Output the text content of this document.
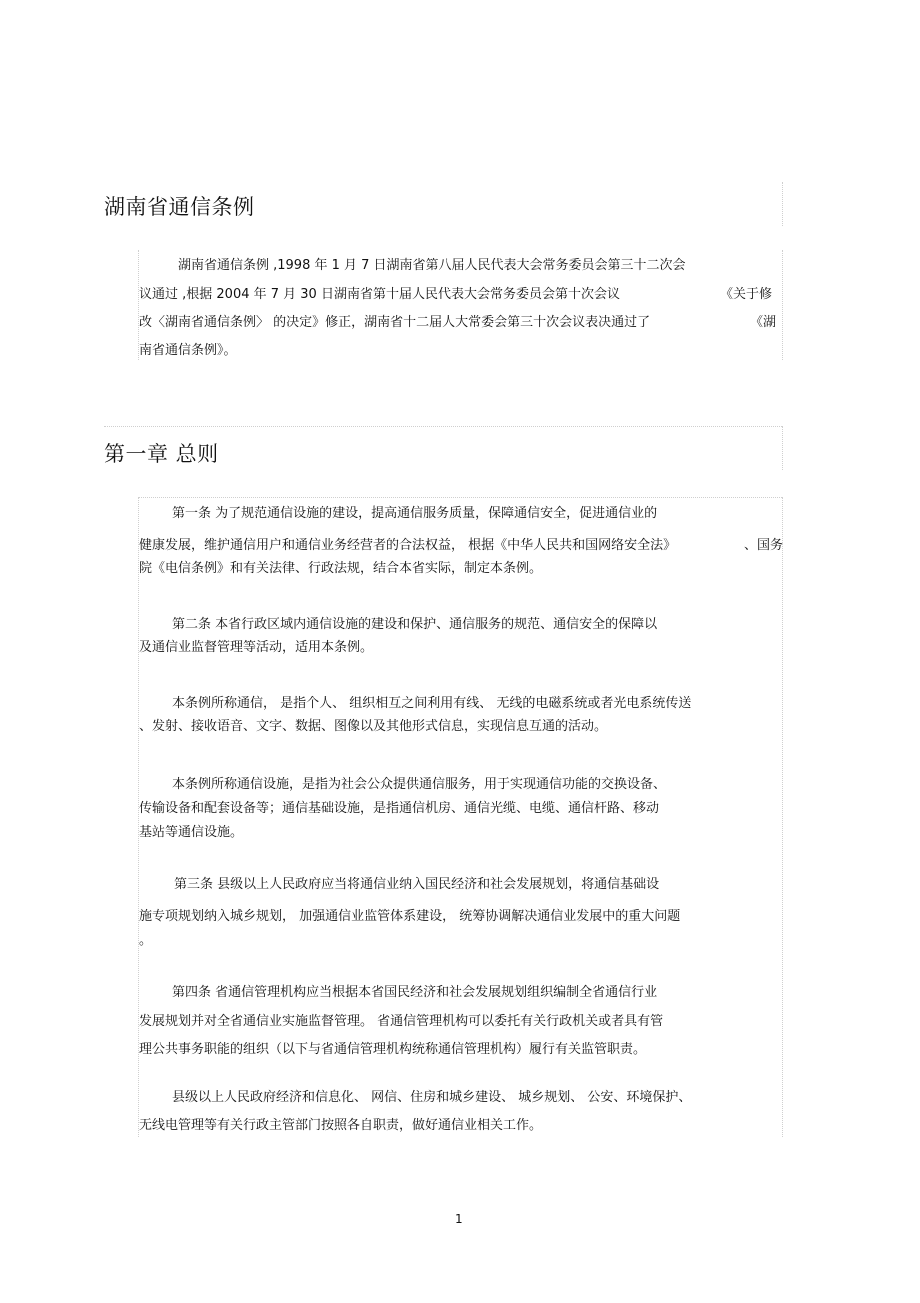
湖南省通信条例
湖南省通信条例 ,1998 年 1 月 7 日湖南省第八届人民代表大会常务委员会第三十二次会
议通过 ,根据 2004 年 7 月 30 日湖南省第十届人民代表大会常务委员会第十次会议	《关于修
改〈湖南省通信条例〉 的决定》修正，湖南省十二届人大常委会第三十次会议表决通过了	《湖
南省通信条例》。
第一章 总则
第一条 为了规范通信设施的建设，提高通信服务质量，保障通信安全，促进通信业的
健康发展，维护通信用户和通信业务经营者的合法权益， 根据《中华人民共和国网络安全法》	、国务
院《电信条例》和有关法律、行政法规，结合本省实际，制定本条例。
第二条 本省行政区域内通信设施的建设和保护、通信服务的规范、通信安全的保障以
及通信业监督管理等活动，适用本条例。
本条例所称通信， 是指个人、 组织相互之间利用有线、 无线的电磁系统或者光电系统传送
、发射、接收语音、文字、数据、图像以及其他形式信息，实现信息互通的活动。
本条例所称通信设施，是指为社会公众提供通信服务，用于实现通信功能的交换设备、
传输设备和配套设备等；通信基础设施，是指通信机房、通信光缆、电缆、通信杆路、移动
基站等通信设施。
第三条 县级以上人民政府应当将通信业纳入国民经济和社会发展规划，将通信基础设
施专项规划纳入城乡规划， 加强通信业监管体系建设， 统筹协调解决通信业发展中的重大问题
。
第四条 省通信管理机构应当根据本省国民经济和社会发展规划组织编制全省通信行业
发展规划并对全省通信业实施监督管理。 省通信管理机构可以委托有关行政机关或者具有管
理公共事务职能的组织（以下与省通信管理机构统称通信管理机构）履行有关监管职责。
县级以上人民政府经济和信息化、 网信、住房和城乡建设、 城乡规划、 公安、环境保护、
无线电管理等有关行政主管部门按照各自职责，做好通信业相关工作。
1
